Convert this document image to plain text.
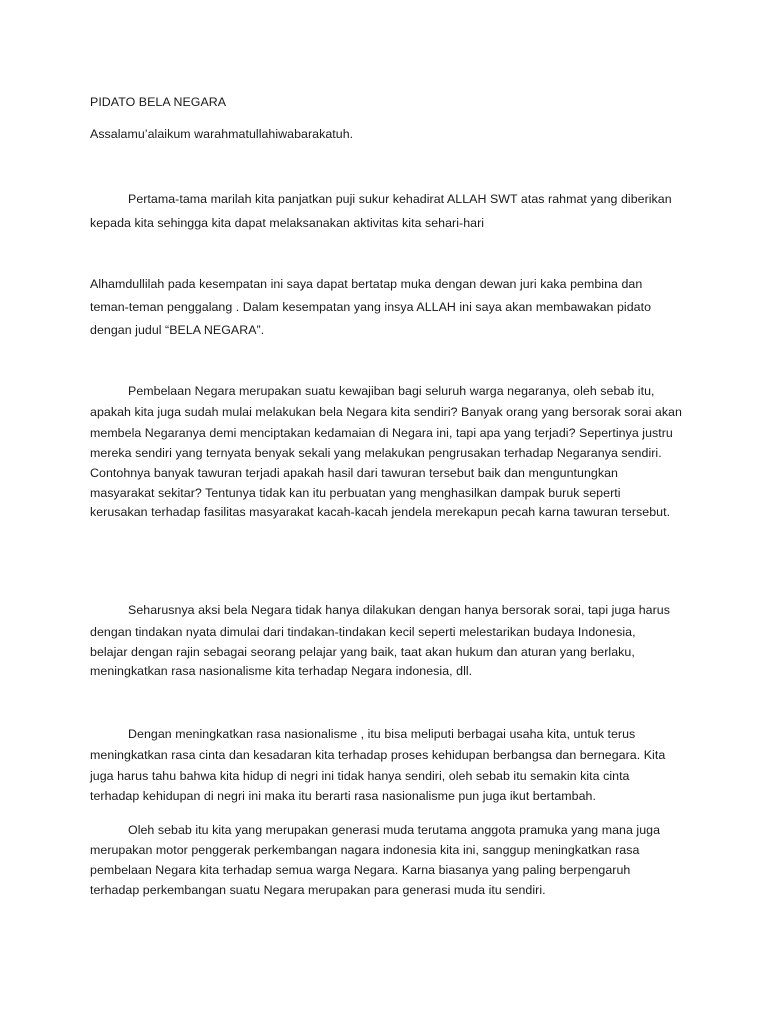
PIDATO BELA NEGARA

Assalamu’alaikum warahmatullahiwabarakatuh.

Pertama-tama marilah kita panjatkan puji sukur kehadirat ALLAH SWT atas rahmat yang diberikan

kepada kita sehingga kita dapat melaksanakan aktivitas kita sehari-hari

Alhamdullilah pada kesempatan ini saya dapat bertatap muka dengan dewan juri kaka pembina dan

teman-teman penggalang . Dalam kesempatan yang insya ALLAH ini saya akan membawakan pidato

dengan judul “BELA NEGARA”.

Pembelaan Negara merupakan suatu kewajiban bagi seluruh warga negaranya, oleh sebab itu,

apakah kita juga sudah mulai melakukan bela Negara kita sendiri? Banyak orang yang bersorak sorai akan

membela Negaranya demi menciptakan kedamaian di Negara ini, tapi apa yang terjadi? Sepertinya justru

mereka sendiri yang ternyata benyak sekali yang melakukan pengrusakan terhadap Negaranya sendiri.

Contohnya banyak tawuran terjadi apakah hasil dari tawuran tersebut baik dan menguntungkan

masyarakat sekitar? Tentunya tidak kan itu perbuatan yang menghasilkan dampak buruk seperti

kerusakan terhadap fasilitas masyarakat kacah-kacah jendela merekapun pecah karna tawuran tersebut.

Seharusnya aksi bela Negara tidak hanya dilakukan dengan hanya bersorak sorai, tapi juga harus

dengan tindakan nyata dimulai dari tindakan-tindakan kecil seperti melestarikan budaya Indonesia,

belajar dengan rajin sebagai seorang pelajar yang baik, taat akan hukum dan aturan yang berlaku,

meningkatkan rasa nasionalisme kita terhadap Negara indonesia, dll.

Dengan meningkatkan rasa nasionalisme , itu bisa meliputi berbagai usaha kita, untuk terus

meningkatkan rasa cinta dan kesadaran kita terhadap proses kehidupan berbangsa dan bernegara. Kita

juga harus tahu bahwa kita hidup di negri ini tidak hanya sendiri, oleh sebab itu semakin kita cinta

terhadap kehidupan di negri ini maka itu berarti rasa nasionalisme pun juga ikut bertambah.

Oleh sebab itu kita yang merupakan generasi muda terutama anggota pramuka yang mana juga

merupakan motor penggerak perkembangan nagara indonesia kita ini, sanggup meningkatkan rasa

pembelaan Negara kita terhadap semua warga Negara. Karna biasanya yang paling berpengaruh

terhadap perkembangan suatu Negara merupakan para generasi muda itu sendiri.
